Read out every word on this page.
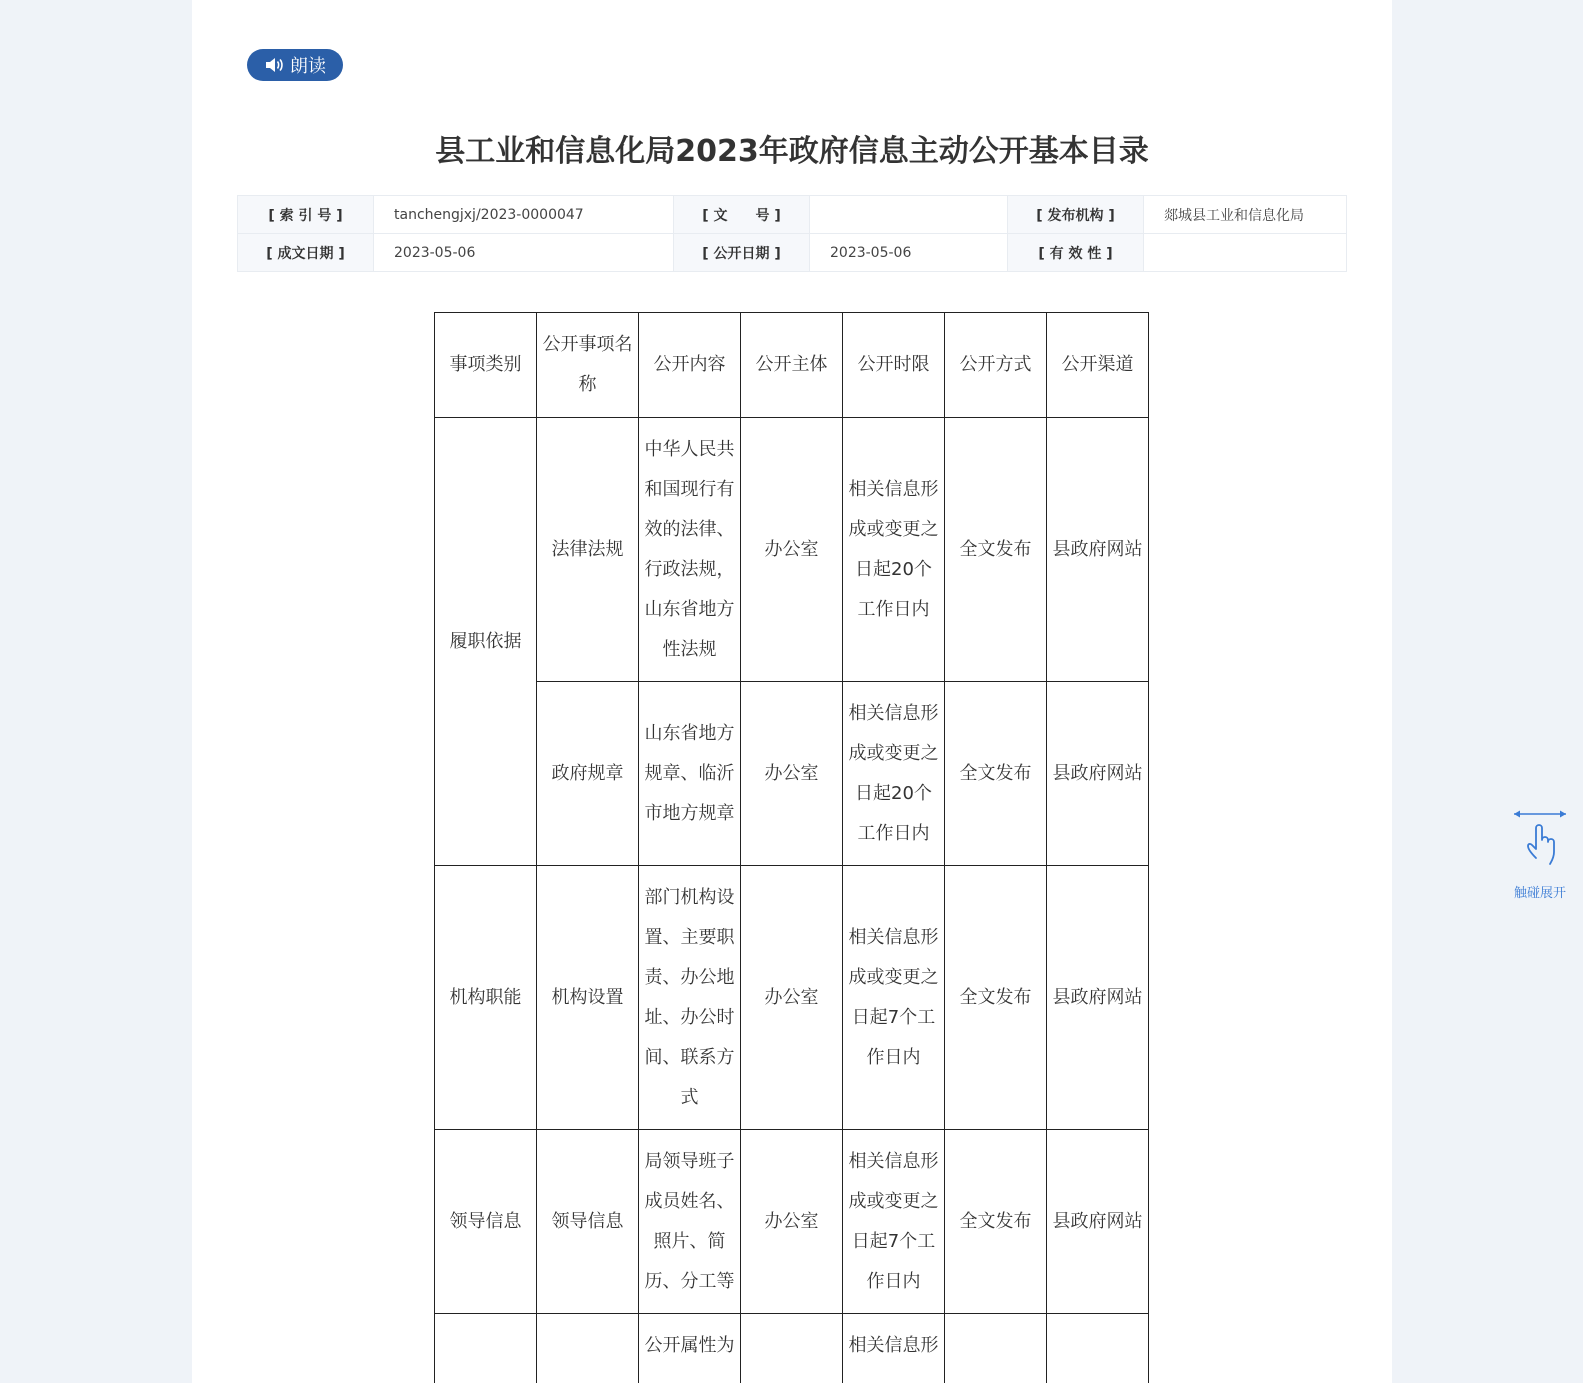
朗读
县工业和信息化局2023年政府信息主动公开基本目录
[ 索 引 号 ]	tanchengjxj/2023-0000047	[ 文　　号 ]		[ 发布机构 ]	郯城县工业和信息化局
[ 成文日期 ]	2023-05-06	[ 公开日期 ]	2023-05-06	[ 有 效 性 ]	
事项类别	公开事项名称	公开内容	公开主体	公开时限	公开方式	公开渠道
履职依据	法律法规	中华人民共和国现行有效的法律、行政法规，山东省地方性法规	办公室	相关信息形成或变更之日起20个工作日内	全文发布	县政府网站
	政府规章	山东省地方规章、临沂市地方规章	办公室	相关信息形成或变更之日起20个工作日内	全文发布	县政府网站
机构职能	机构设置	部门机构设置、主要职责、办公地址、办公时间、联系方式	办公室	相关信息形成或变更之日起7个工作日内	全文发布	县政府网站
领导信息	领导信息	局领导班子成员姓名、照片、简历、分工等	办公室	相关信息形成或变更之日起7个工作日内	全文发布	县政府网站
		公开属性为		相关信息形		
触碰展开
